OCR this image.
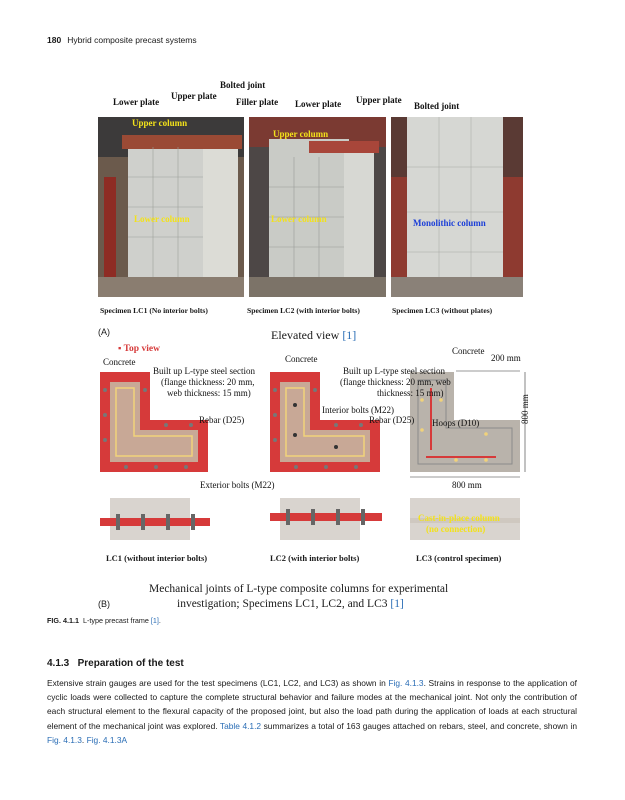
180 Hybrid composite precast systems
Bolted joint
Lower plate
Upper plate
Filler plate Lower plate Upper plate
Bolted joint
Upper column
Lower column
Upper column
Lower column	Monolithic column
Specimen LC1 (No interior bolts)	Specimen LC2 (with interior bolts)	Specimen LC3 (without plates)
(A)	Elevated view [1]
▪ Top view
Concrete	Concrete
Concrete
Built up L-type steel section
(flange thickness: 20 mm,
web thickness: 15 mm)
Built up L-type steel section
(flange thickness: 20 mm, web
thickness: 15 mm)
200 mm
800 mm
Interior bolts (M22)
Rebar (D25)	Rebar (D25) Hoops (D10)
800 mm
Exterior bolts (M22)
Cast-in-place column
(no connection)
LC1 (without interior bolts)	LC2 (with interior bolts)	LC3 (control specimen)
Mechanical joints of L-type composite columns for experimental
investigation; Specimens LC1, LC2, and LC3 [1]
(B)
FIG. 4.1.1 L-type precast frame [1].
4.1.3 Preparation of the test
Extensive strain gauges are used for the test specimens (LC1, LC2, and LC3) as shown in Fig. 4.1.3. Strains in response to the application of cyclic loads were collected to capture the complete structural behavior and failure modes at the mechanical joint. Not only the contribution of each structural element to the flexural capacity of the proposed joint, but also the load path during the application of loads at each structural element of the mechanical joint was explored. Table 4.1.2 summarizes a total of 163 gauges attached on rebars, steel, and concrete, shown in Fig. 4.1.3. Fig. 4.1.3A
